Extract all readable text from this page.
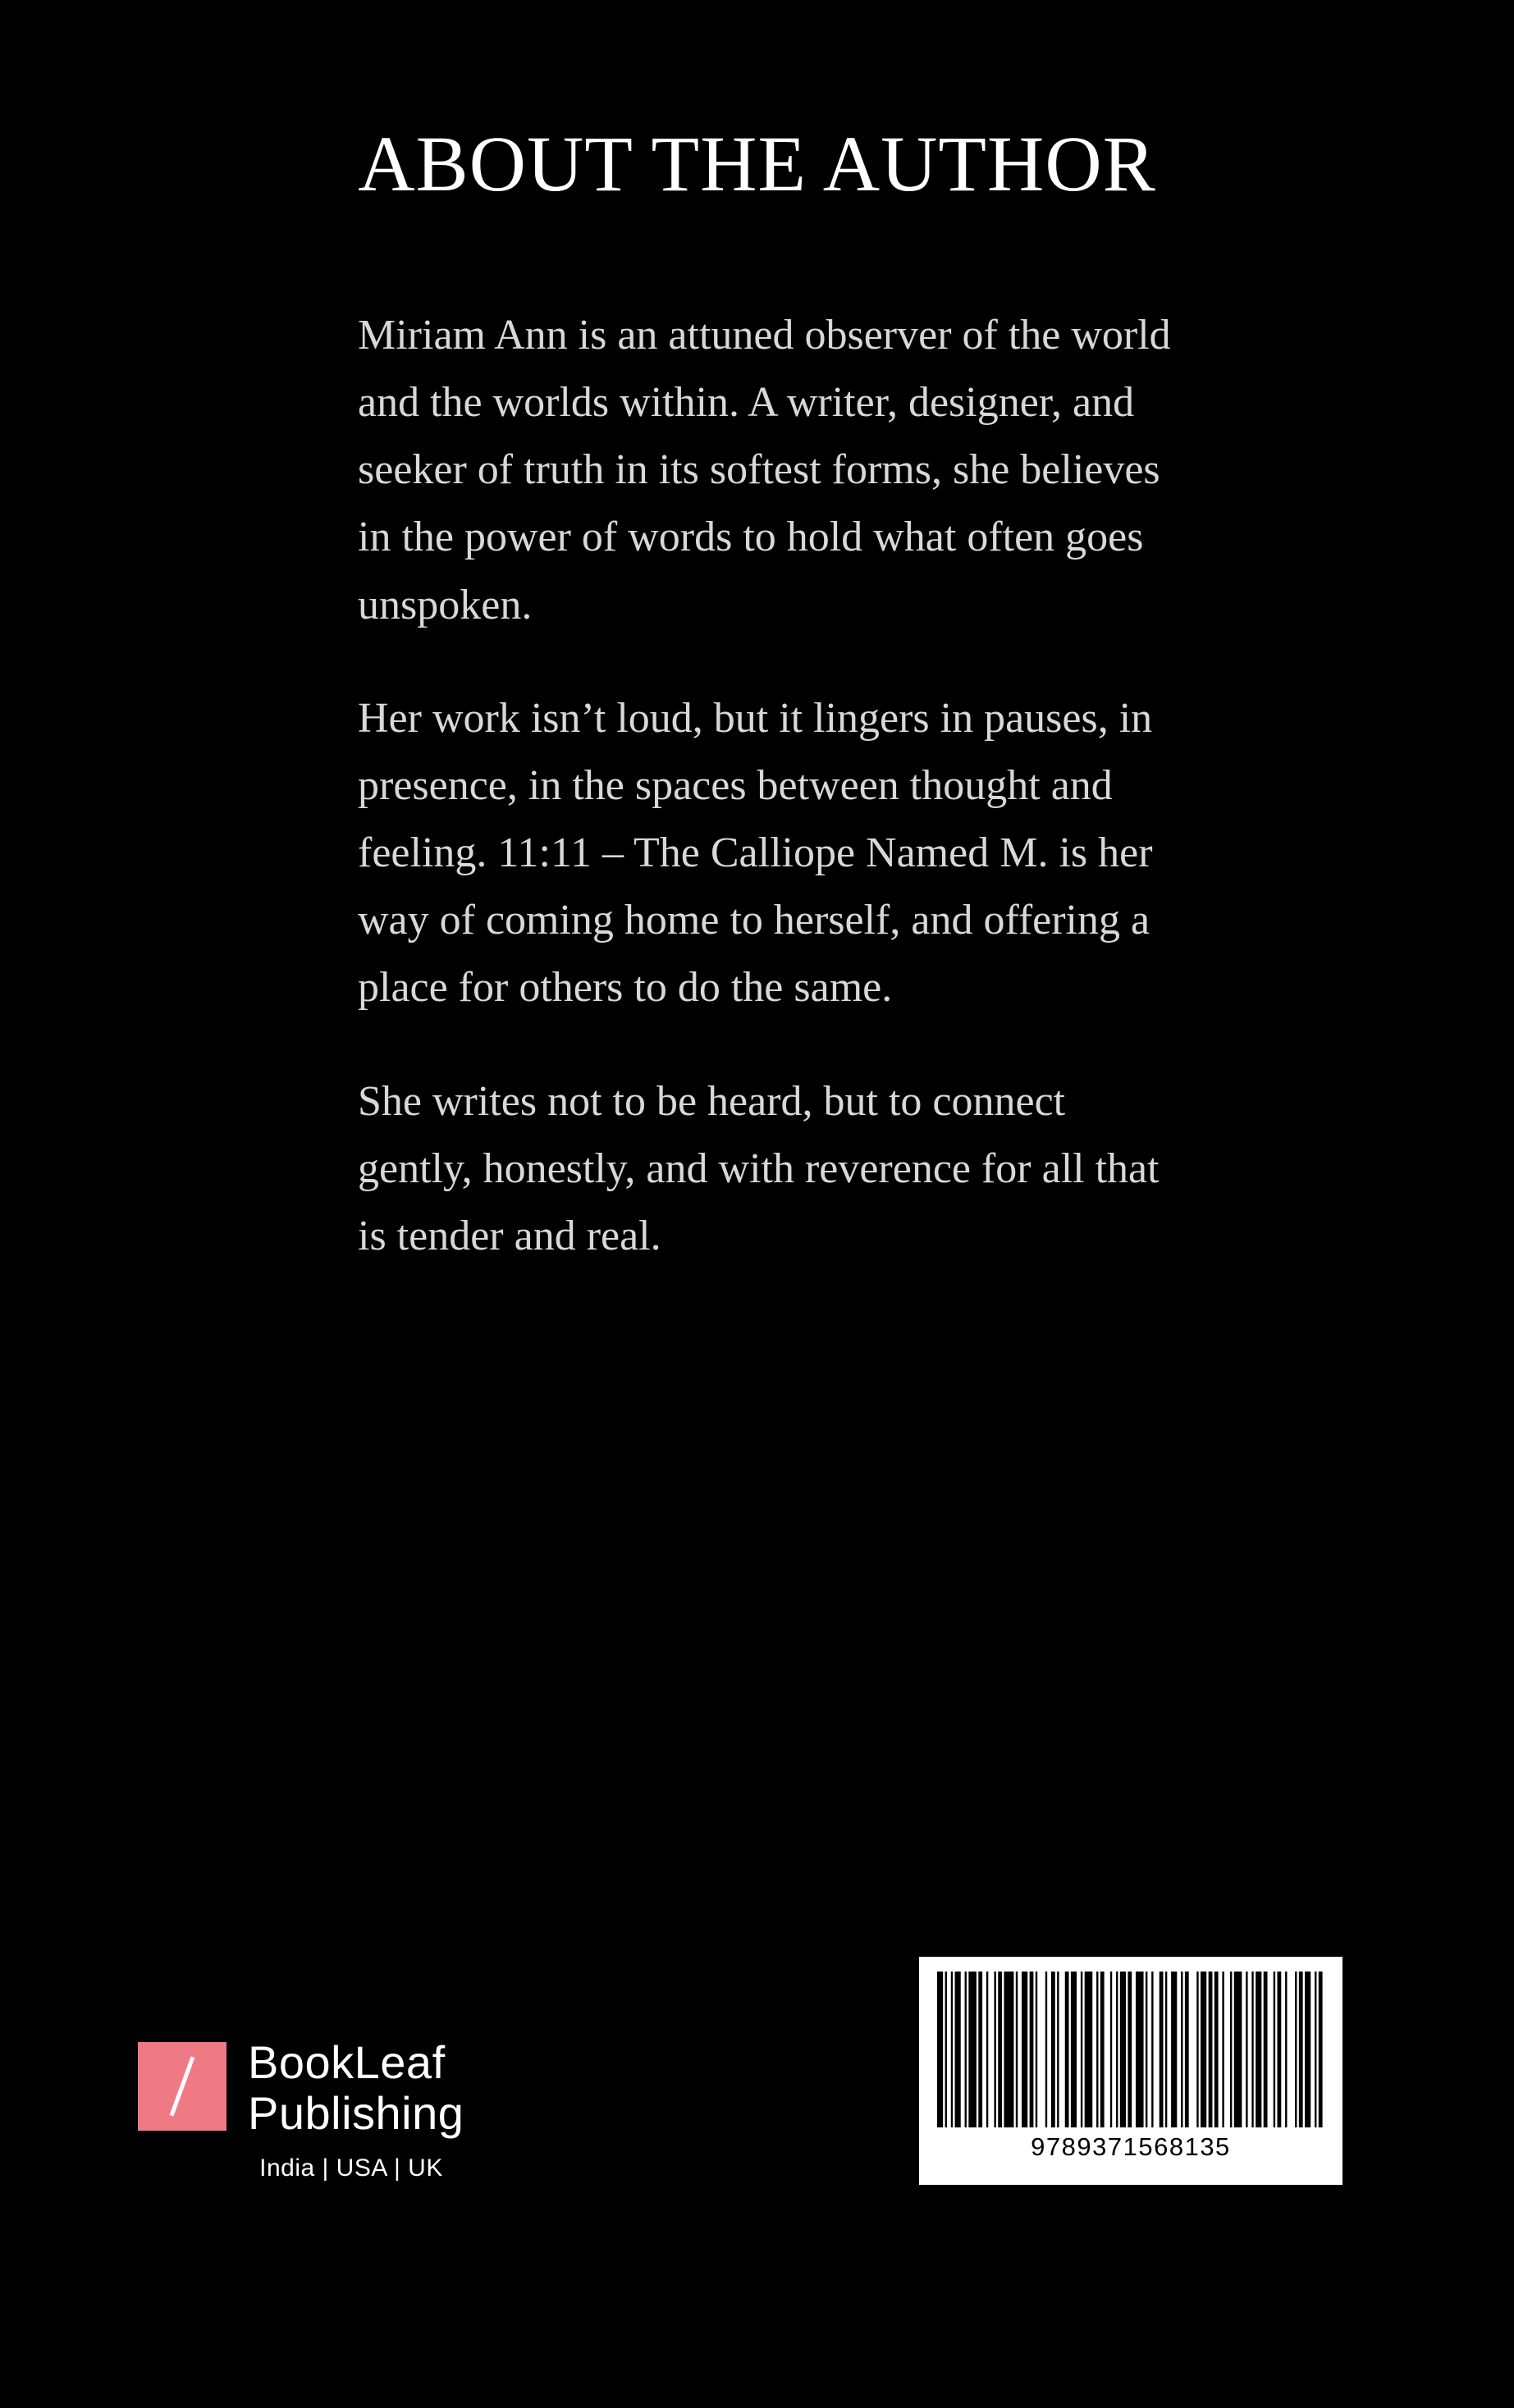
ABOUT THE AUTHOR

Miriam Ann is an attuned observer of the world and the worlds within. A writer, designer, and seeker of truth in its softest forms, she believes in the power of words to hold what often goes unspoken.

Her work isn’t loud, but it lingers in pauses, in presence, in the spaces between thought and feeling. 11:11 – The Calliope Named M. is her way of coming home to herself, and offering a place for others to do the same.

She writes not to be heard, but to connect gently, honestly, and with reverence for all that is tender and real.

BookLeaf
Publishing
India | USA | UK
9789371568135
